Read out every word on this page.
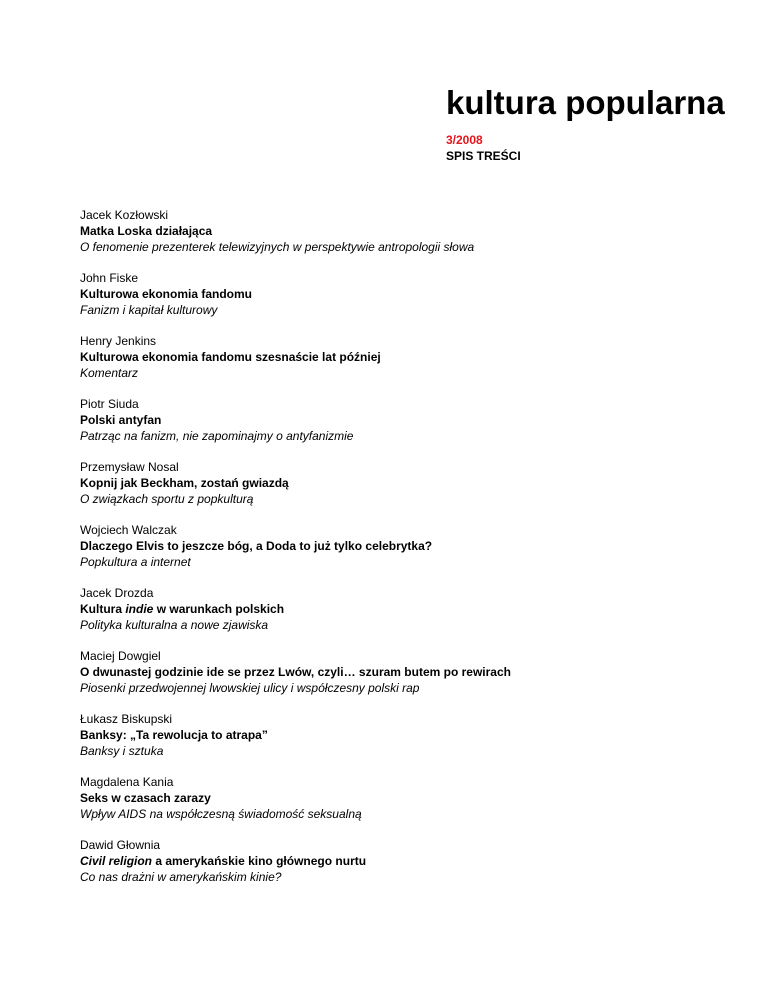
kultura popularna
3/2008
SPIS TREŚCI
Jacek Kozłowski
Matka Loska działająca
O fenomenie prezenterek telewizyjnych w perspektywie antropologii słowa
John Fiske
Kulturowa ekonomia fandomu
Fanizm i kapitał kulturowy
Henry Jenkins
Kulturowa ekonomia fandomu szesnaście lat później
Komentarz
Piotr Siuda
Polski antyfan
Patrząc na fanizm, nie zapominajmy o antyfanizmie
Przemysław Nosal
Kopnij jak Beckham, zostań gwiazdą
O związkach sportu z popkulturą
Wojciech Walczak
Dlaczego Elvis to jeszcze bóg, a Doda to już tylko celebrytka?
Popkultura a internet
Jacek Drozda
Kultura indie w warunkach polskich
Polityka kulturalna a nowe zjawiska
Maciej Dowgiel
O dwunastej godzinie ide se przez Lwów, czyli… szuram butem po rewirach
Piosenki przedwojennej lwowskiej ulicy i współczesny polski rap
Łukasz Biskupski
Banksy: „Ta rewolucja to atrapa”
Banksy i sztuka
Magdalena Kania
Seks w czasach zarazy
Wpływ AIDS na współczesną świadomość seksualną
Dawid Głownia
Civil religion a amerykańskie kino głównego nurtu
Co nas drażni w amerykańskim kinie?
